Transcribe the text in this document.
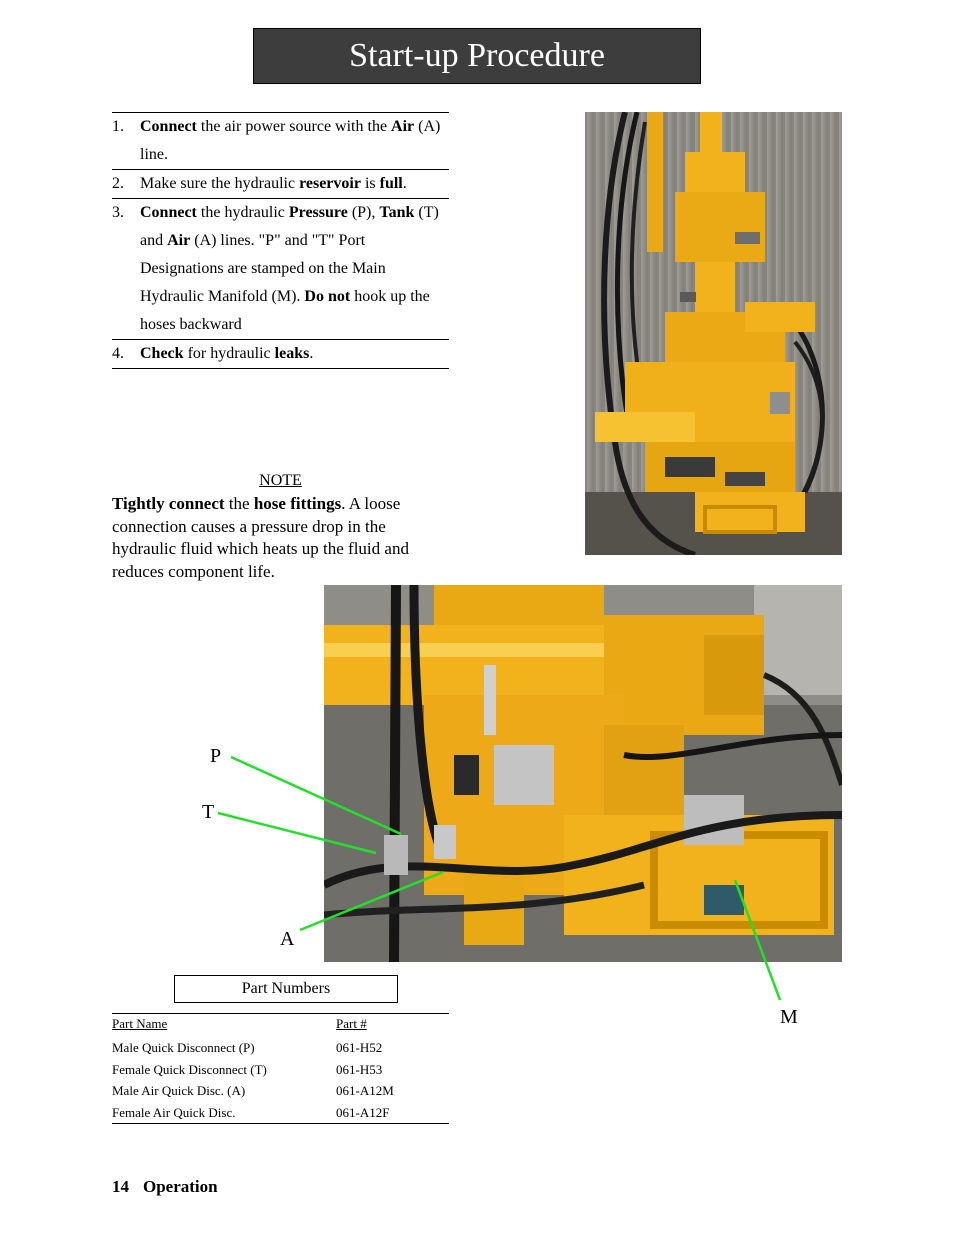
Start-up Procedure
1.	Connect the air power source with the Air (A) line.
2.	Make sure the hydraulic reservoir is full.
3.	Connect the hydraulic Pressure (P), Tank (T) and Air (A) lines. "P" and "T" Port Designations are stamped on the Main Hydraulic Manifold (M). Do not hook up the hoses backward
4.	Check for hydraulic leaks.
NOTE
Tightly connect the hose fittings. A loose connection causes a pressure drop in the hydraulic fluid which heats up the fluid and reduces component life.
P
T
A
M
Part Numbers
Part Name	Part #
Male Quick Disconnect (P)	061-H52
Female Quick Disconnect (T)	061-H53
Male Air Quick Disc. (A)	061-A12M
Female Air Quick Disc.	061-A12F
14 Operation
